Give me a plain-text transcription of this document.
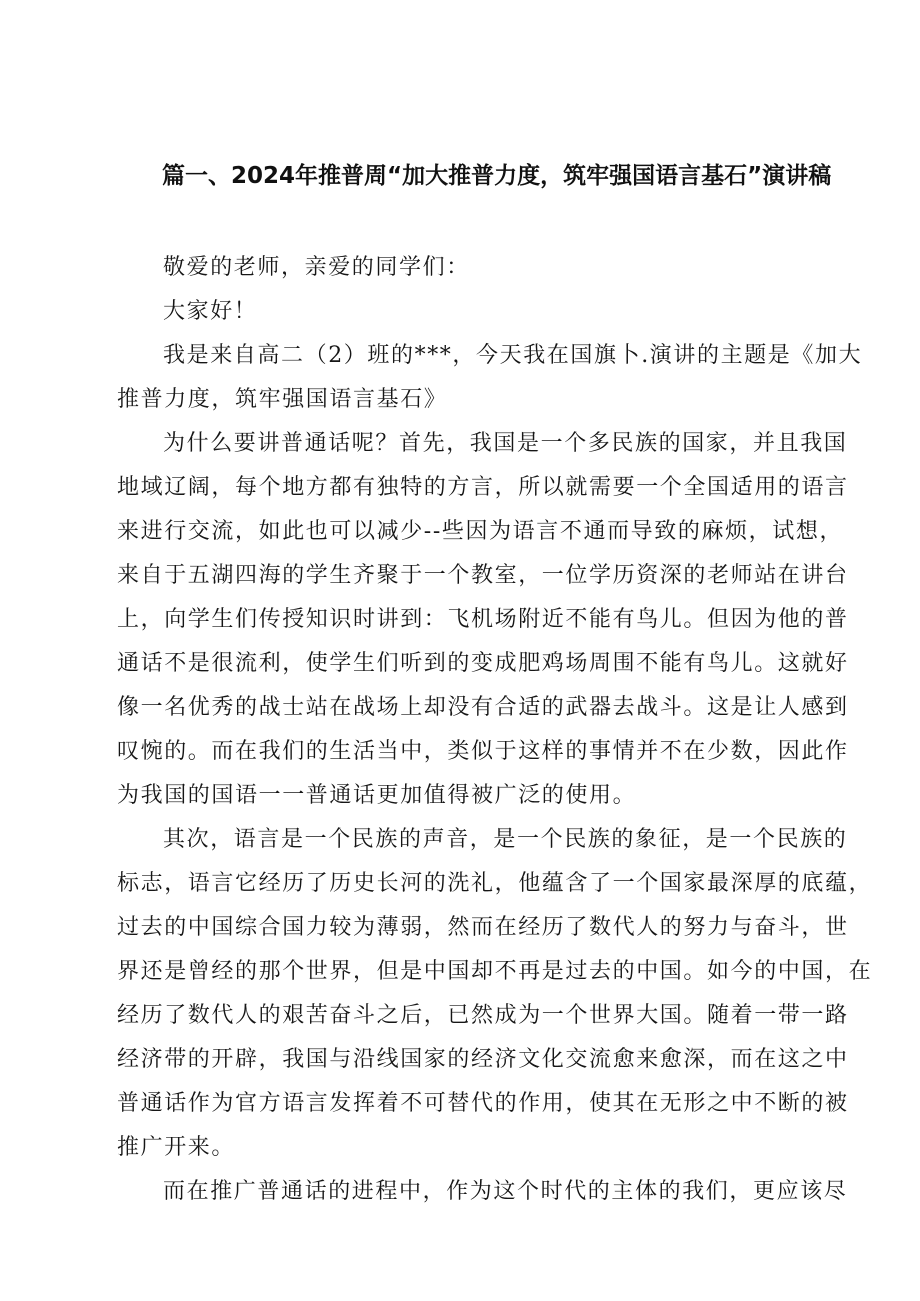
篇一、2024年推普周“加大推普力度，筑牢强国语言基石”演讲稿
敬爱的老师，亲爱的同学们：
大家好！
我是来自高二（2）班的***，今天我在国旗卜.演讲的主题是《加大
推普力度，筑牢强国语言基石》
为什么要讲普通话呢？首先，我国是一个多民族的国家，并且我国
地域辽阔，每个地方都有独特的方言，所以就需要一个全国适用的语言
来进行交流，如此也可以减少--些因为语言不通而导致的麻烦，试想，
来自于五湖四海的学生齐聚于一个教室，一位学历资深的老师站在讲台
上，向学生们传授知识时讲到：飞机场附近不能有鸟儿。但因为他的普
通话不是很流利，使学生们听到的变成肥鸡场周围不能有鸟儿。这就好
像一名优秀的战士站在战场上却没有合适的武器去战斗。这是让人感到
叹惋的。而在我们的生活当中，类似于这样的事情并不在少数，因此作
为我国的国语一一普通话更加值得被广泛的使用。
其次，语言是一个民族的声音，是一个民族的象征，是一个民族的
标志，语言它经历了历史长河的洗礼，他蕴含了一个国家最深厚的底蕴，
过去的中国综合国力较为薄弱，然而在经历了数代人的努力与奋斗，世
界还是曾经的那个世界，但是中国却不再是过去的中国。如今的中国，在
经历了数代人的艰苦奋斗之后，已然成为一个世界大国。随着一带一路
经济带的开辟，我国与沿线国家的经济文化交流愈来愈深，而在这之中
普通话作为官方语言发挥着不可替代的作用，使其在无形之中不断的被
推广开来。
而在推广普通话的进程中，作为这个时代的主体的我们，更应该尽
